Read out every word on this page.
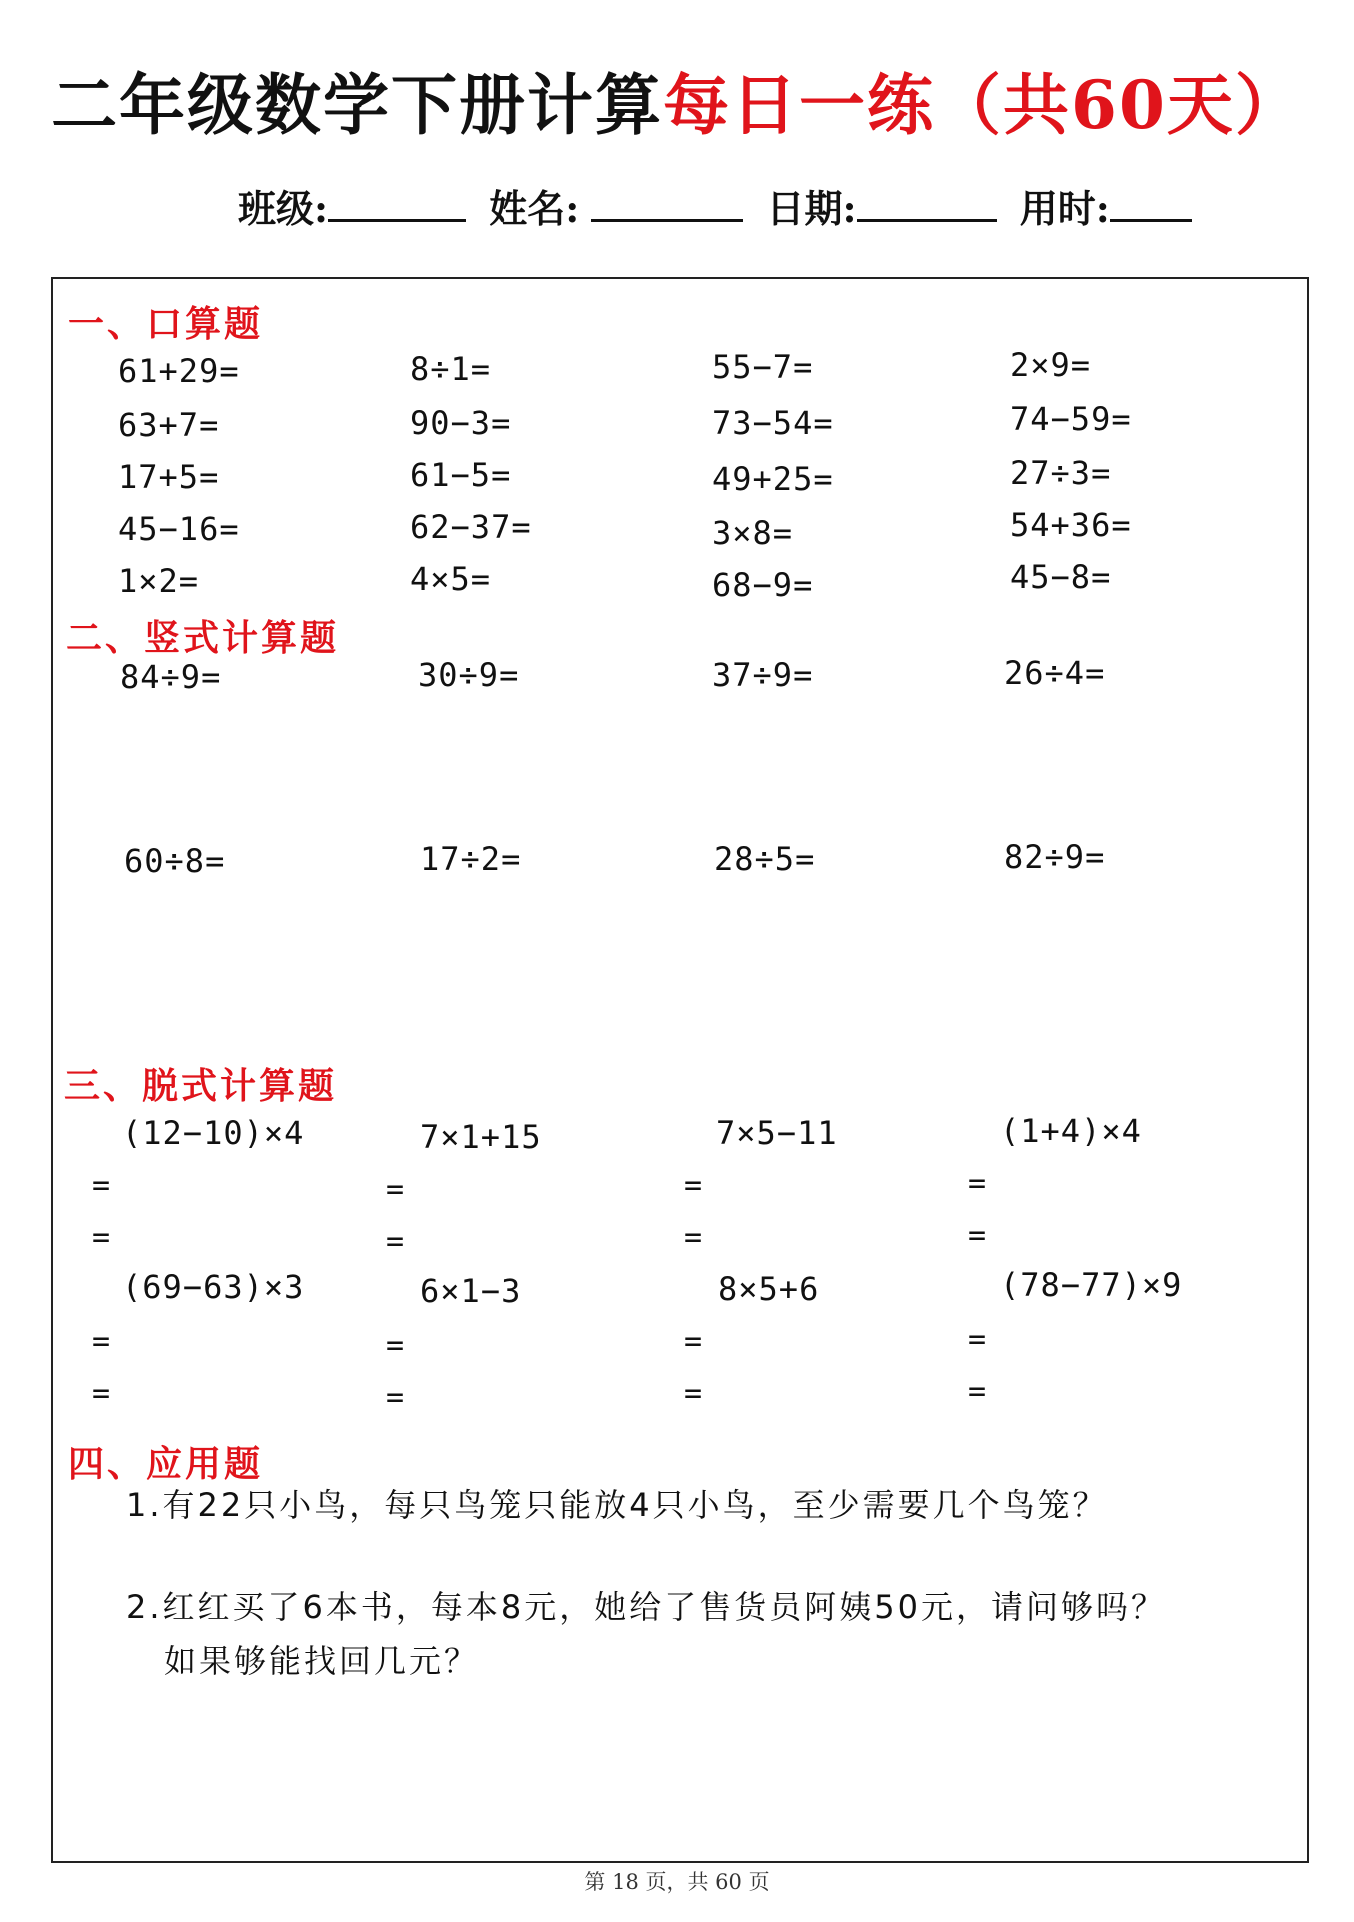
二年级数学下册计算每日一练（共60天）
班级:	姓名:	日期:	用时:
一、口算题
61+29=	8÷1=	55−7=	2×9=
63+7=	90−3=	73−54=	74−59=
17+5=	61−5=	49+25=	27÷3=
45−16=	62−37=	3×8=	54+36=
1×2=	4×5=	68−9=	45−8=
二、竖式计算题
84÷9=	30÷9=	37÷9=	26÷4=
60÷8=	17÷2=	28÷5=	82÷9=
三、脱式计算题
(12−10)×4	7×1+15	7×5−11	(1+4)×4
=	=	=	=
=	=	=	=
(69−63)×3	6×1−3	8×5+6	(78−77)×9
=	=	=	=
=	=	=	=
四、应用题
1.有22只小鸟，每只鸟笼只能放4只小鸟，至少需要几个鸟笼？
2.红红买了6本书，每本8元，她给了售货员阿姨50元，请问够吗？
如果够能找回几元？
第 18 页，共 60 页
